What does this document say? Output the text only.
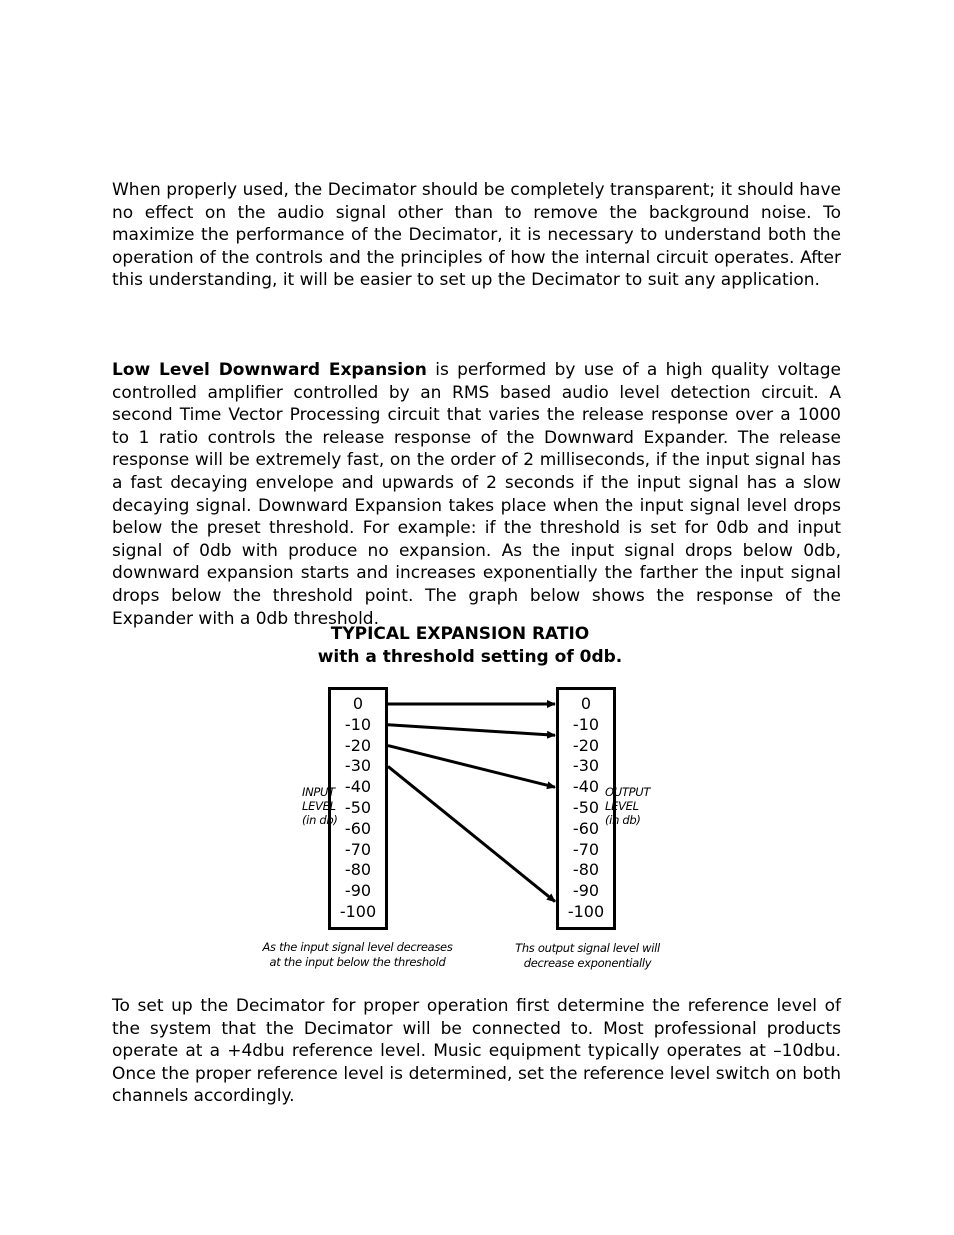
When properly used, the Decimator should be completely transparent; it should have no effect on the audio signal other than to remove the background noise. To maximize the performance of the Decimator, it is necessary to understand both the operation of the controls and the principles of how the internal circuit operates. After this understanding, it will be easier to set up the Decimator to suit any application.

Low Level Downward Expansion is performed by use of a high quality voltage controlled amplifier controlled by an RMS based audio level detection circuit. A second Time Vector Processing circuit that varies the release response over a 1000 to 1 ratio controls the release response of the Downward Expander. The release response will be extremely fast, on the order of 2 milliseconds, if the input signal has a fast decaying envelope and upwards of 2 seconds if the input signal has a slow decaying signal. Downward Expansion takes place when the input signal level drops below the preset threshold. For example: if the threshold is set for 0db and input signal of 0db with produce no expansion. As the input signal drops below 0db, downward expansion starts and increases exponentially the farther the input signal drops below the threshold point. The graph below shows the response of the Expander with a 0db threshold.

TYPICAL EXPANSION RATIO
with a threshold setting of 0db.
0
-10
-20
-30
-40
-50
-60
-70
-80
-90
-100
0
-10
-20
-30
-40
-50
-60
-70
-80
-90
-100
INPUT
LEVEL
(in db)
OUTPUT
LEVEL
(in db)
As the input signal level decreases
at the input below the threshold
Ths output signal level will
decrease exponentially

To set up the Decimator for proper operation first determine the reference level of the system that the Decimator will be connected to. Most professional products operate at a +4dbu reference level. Music equipment typically operates at –10dbu. Once the proper reference level is determined, set the reference level switch on both channels accordingly.
